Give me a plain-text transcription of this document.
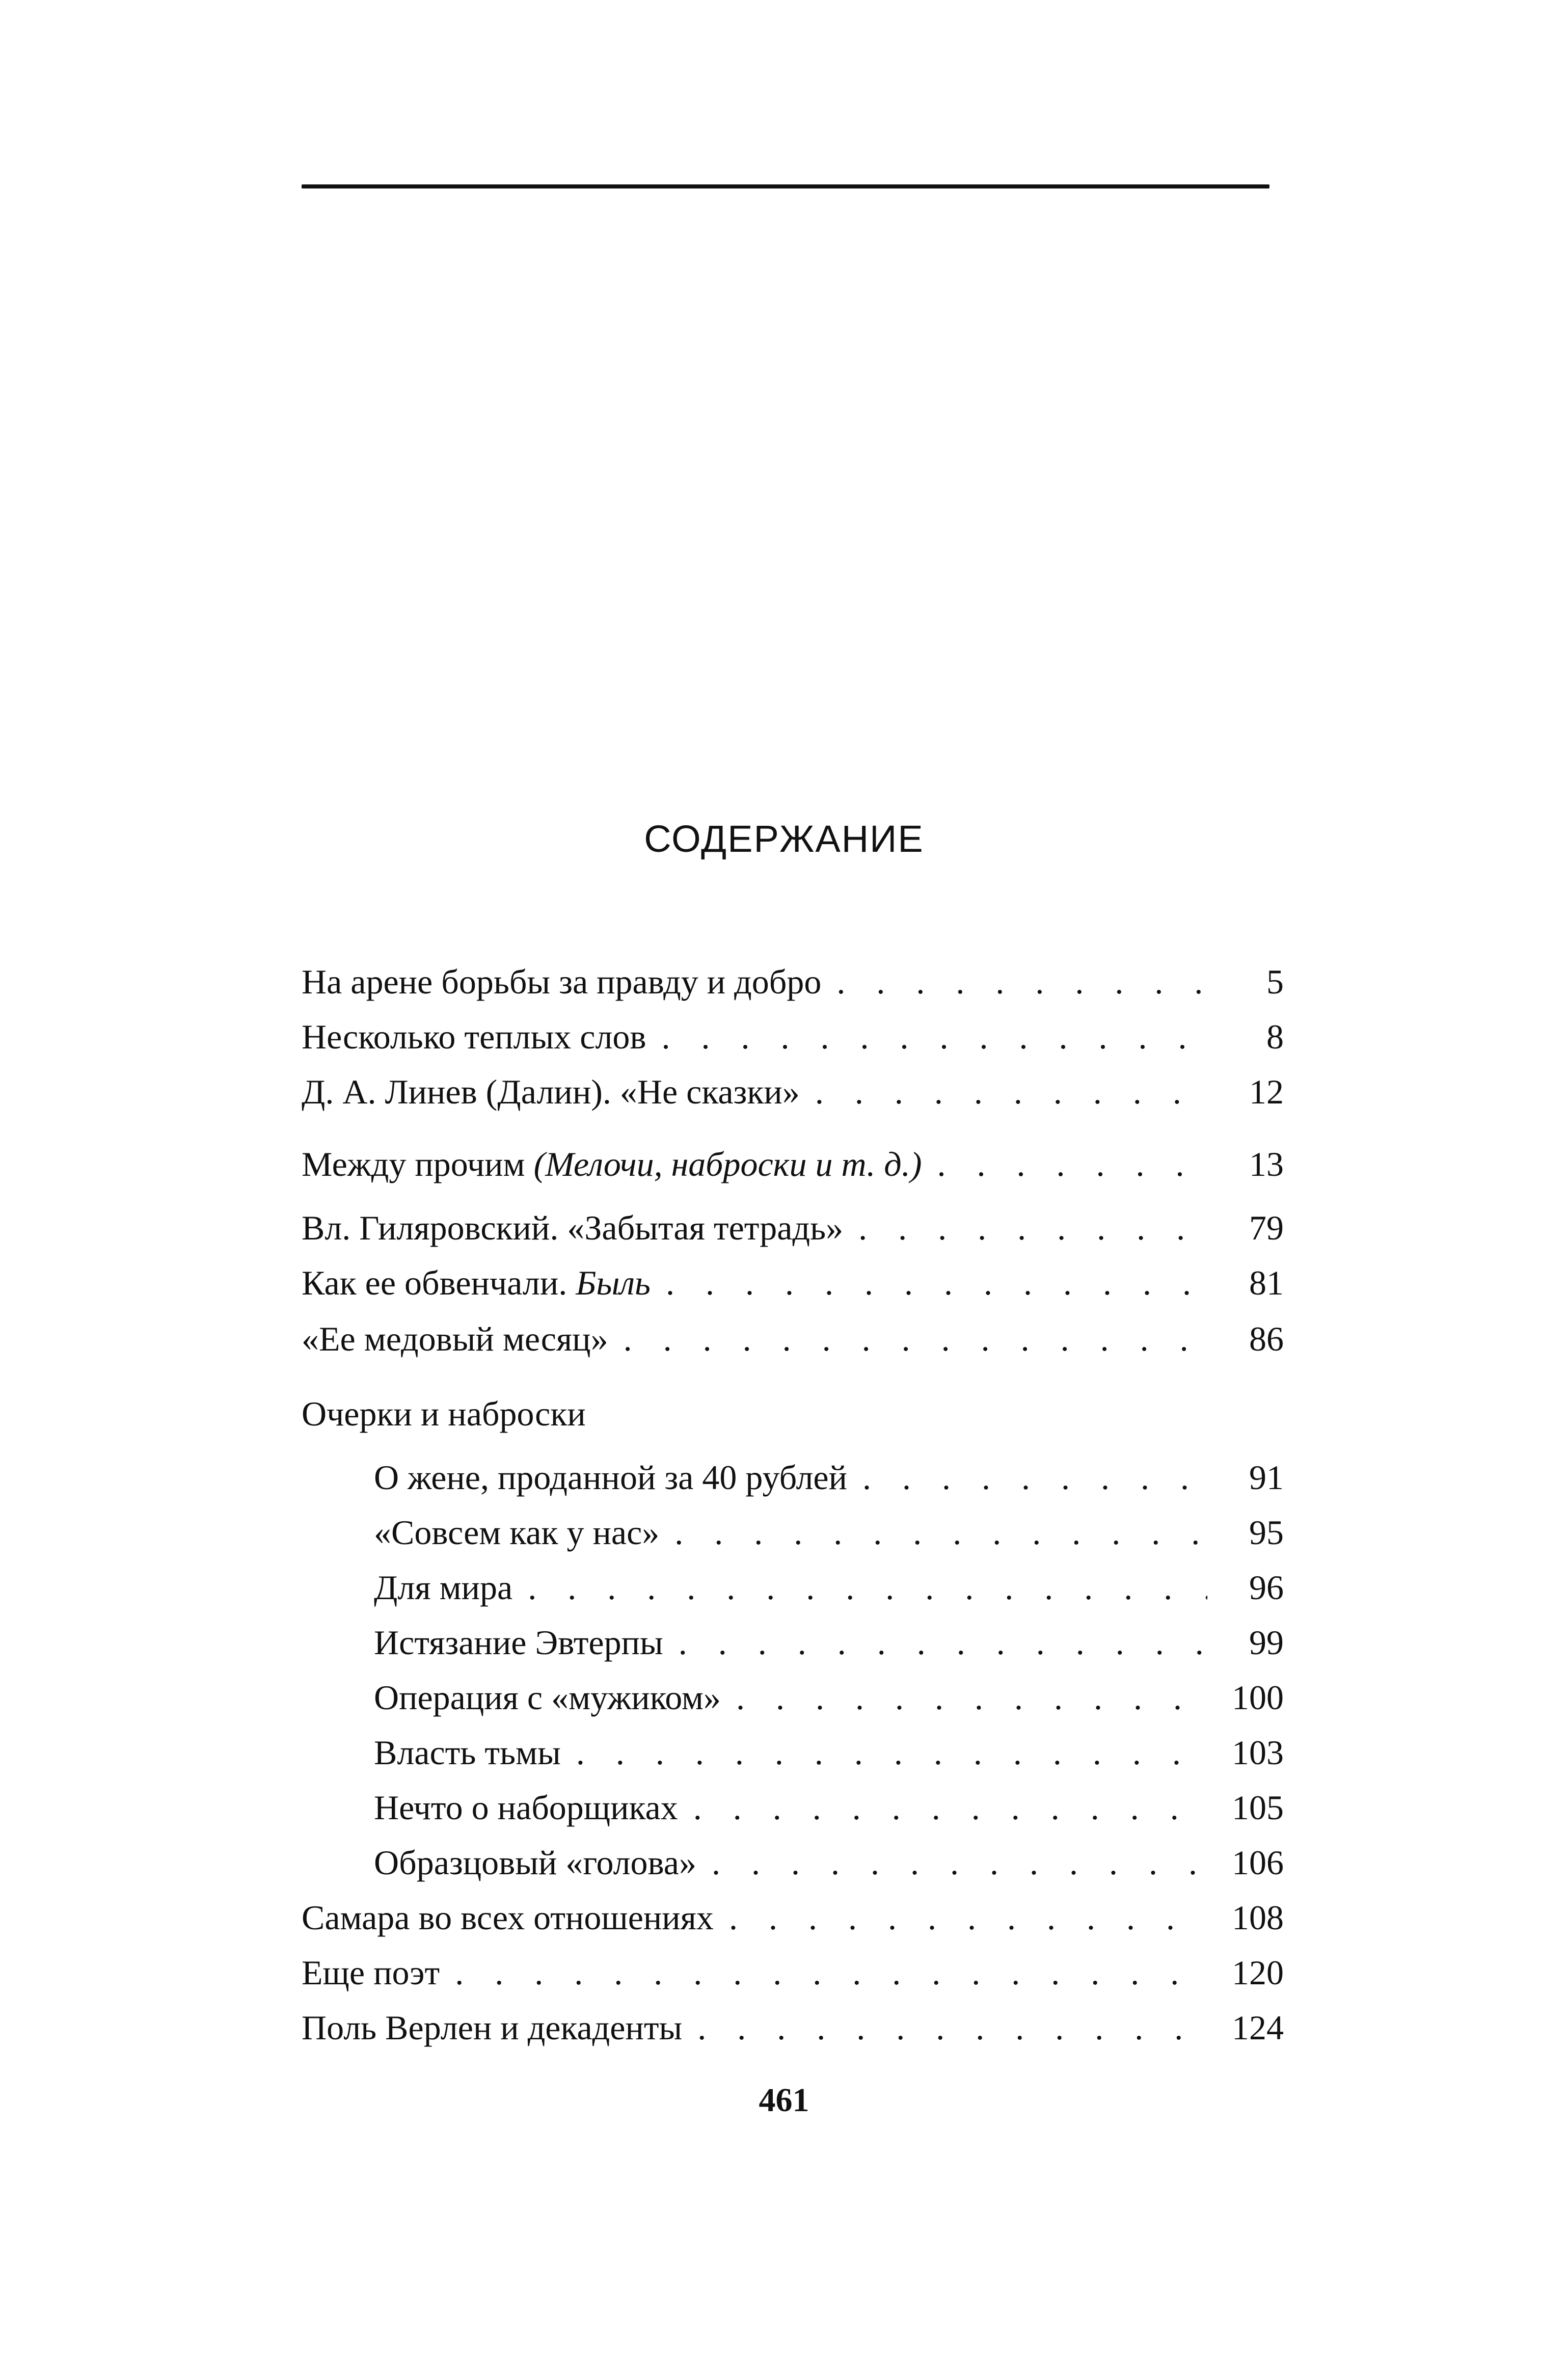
СОДЕРЖАНИЕ
На арене борьбы за правду и добро . . .	5
Несколько теплых слов . . .	8
Д. А. Линев (Далин). «Не сказки» . . .	12
Между прочим (Мелочи, наброски и т. д.) . . .	13
Вл. Гиляровский. «Забытая тетрадь» . . .	79
Как ее обвенчали. Быль . . .	81
«Ее медовый месяц» . . .	86
Очерки и наброски
О жене, проданной за 40 рублей . . .	91
«Совсем как у нас» . . .	95
Для мира . . .	96
Истязание Эвтерпы . . .	99
Операция с «мужиком» . . .	100
Власть тьмы . . .	103
Нечто о наборщиках . . .	105
Образцовый «голова» . . .	106
Самара во всех отношениях . . .	108
Еще поэт . . .	120
Поль Верлен и декаденты . . .	124
461
